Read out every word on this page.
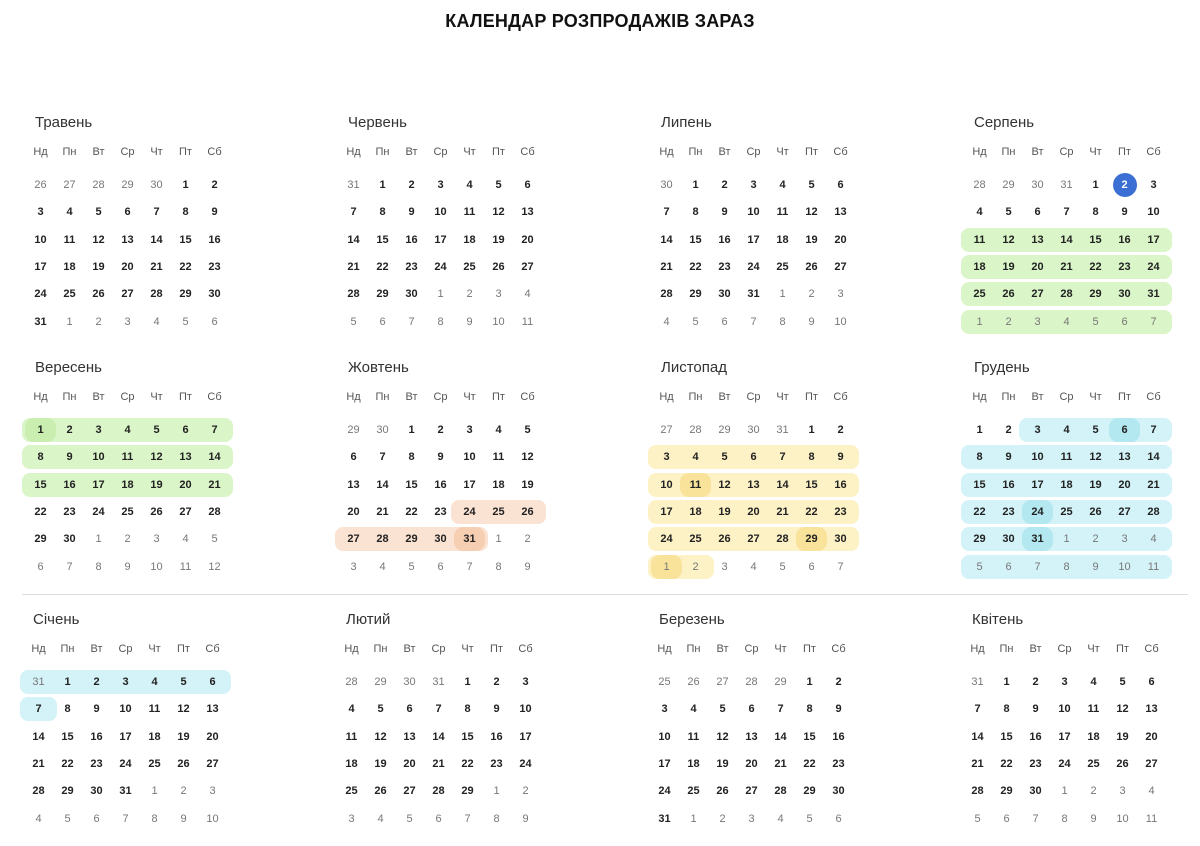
КАЛЕНДАР РОЗПРОДАЖІВ ЗАРАЗ
Нд	Пн	Вт	Ср	Чт	Пт	Сб
26	27	28	29	30	1	2
3	4	5	6	7	8	9
10	11	12	13	14	15	16
17	18	19	20	21	22	23
24	25	26	27	28	29	30
31	1	2	3	4	5	6
Травень
Нд	Пн	Вт	Ср	Чт	Пт	Сб
31	1	2	3	4	5	6
7	8	9	10	11	12	13
14	15	16	17	18	19	20
21	22	23	24	25	26	27
28	29	30	1	2	3	4
5	6	7	8	9	10	11
Червень
Нд	Пн	Вт	Ср	Чт	Пт	Сб
30	1	2	3	4	5	6
7	8	9	10	11	12	13
14	15	16	17	18	19	20
21	22	23	24	25	26	27
28	29	30	31	1	2	3
4	5	6	7	8	9	10
Липень
Нд	Пн	Вт	Ср	Чт	Пт	Сб
28	29	30	31	1	2	3
4	5	6	7	8	9	10
11	12	13	14	15	16	17
18	19	20	21	22	23	24
25	26	27	28	29	30	31
1	2	3	4	5	6	7
Серпень
Нд	Пн	Вт	Ср	Чт	Пт	Сб
1	2	3	4	5	6	7
8	9	10	11	12	13	14
15	16	17	18	19	20	21
22	23	24	25	26	27	28
29	30	1	2	3	4	5
6	7	8	9	10	11	12
Вересень
Нд	Пн	Вт	Ср	Чт	Пт	Сб
29	30	1	2	3	4	5
6	7	8	9	10	11	12
13	14	15	16	17	18	19
20	21	22	23	24	25	26
27	28	29	30	31	1	2
3	4	5	6	7	8	9
Жовтень
Нд	Пн	Вт	Ср	Чт	Пт	Сб
27	28	29	30	31	1	2
3	4	5	6	7	8	9
10	11	12	13	14	15	16
17	18	19	20	21	22	23
24	25	26	27	28	29	30
1	2	3	4	5	6	7
Листопад
Нд	Пн	Вт	Ср	Чт	Пт	Сб
1	2	3	4	5	6	7
8	9	10	11	12	13	14
15	16	17	18	19	20	21
22	23	24	25	26	27	28
29	30	31	1	2	3	4
5	6	7	8	9	10	11
Грудень
Нд	Пн	Вт	Ср	Чт	Пт	Сб
31	1	2	3	4	5	6
7	8	9	10	11	12	13
14	15	16	17	18	19	20
21	22	23	24	25	26	27
28	29	30	31	1	2	3
4	5	6	7	8	9	10
Січень
Нд	Пн	Вт	Ср	Чт	Пт	Сб
28	29	30	31	1	2	3
4	5	6	7	8	9	10
11	12	13	14	15	16	17
18	19	20	21	22	23	24
25	26	27	28	29	1	2
3	4	5	6	7	8	9
Лютий
Нд	Пн	Вт	Ср	Чт	Пт	Сб
25	26	27	28	29	1	2
3	4	5	6	7	8	9
10	11	12	13	14	15	16
17	18	19	20	21	22	23
24	25	26	27	28	29	30
31	1	2	3	4	5	6
Березень
Нд	Пн	Вт	Ср	Чт	Пт	Сб
31	1	2	3	4	5	6
7	8	9	10	11	12	13
14	15	16	17	18	19	20
21	22	23	24	25	26	27
28	29	30	1	2	3	4
5	6	7	8	9	10	11
Квітень
